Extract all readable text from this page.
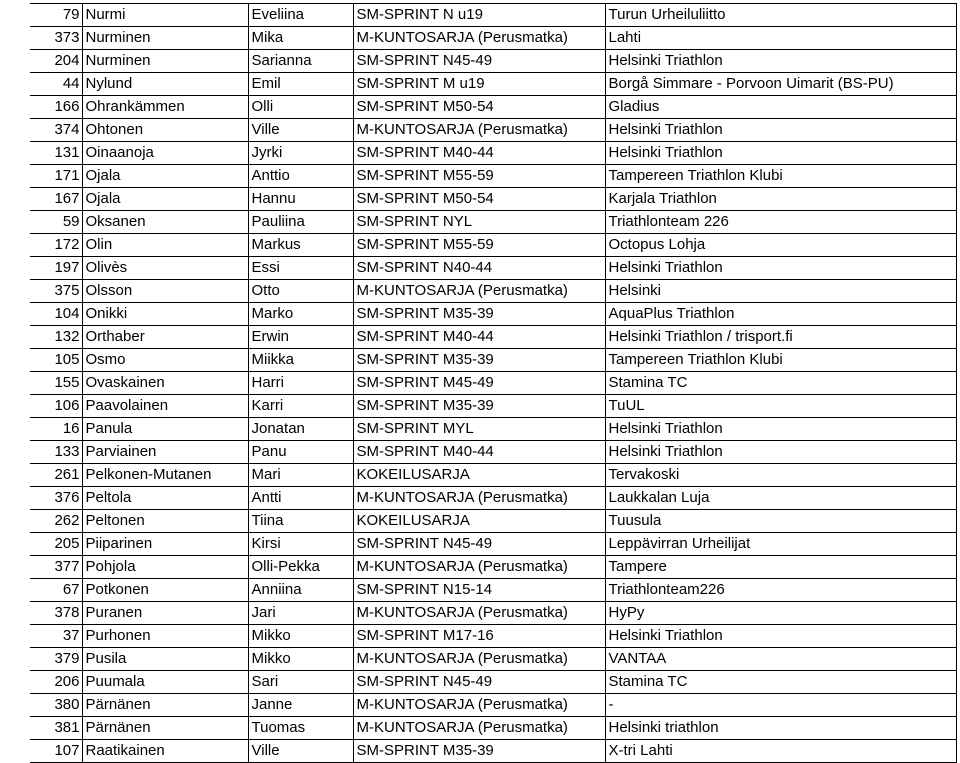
79	Nurmi	Eveliina	SM-SPRINT N u19	Turun Urheiluliitto
373	Nurminen	Mika	M-KUNTOSARJA (Perusmatka)	Lahti
204	Nurminen	Sarianna	SM-SPRINT N45-49	Helsinki Triathlon
44	Nylund	Emil	SM-SPRINT M u19	Borgå Simmare - Porvoon Uimarit (BS-PU)
166	Ohrankämmen	Olli	SM-SPRINT M50-54	Gladius
374	Ohtonen	Ville	M-KUNTOSARJA (Perusmatka)	Helsinki Triathlon
131	Oinaanoja	Jyrki	SM-SPRINT M40-44	Helsinki Triathlon
171	Ojala	Anttio	SM-SPRINT M55-59	Tampereen Triathlon Klubi
167	Ojala	Hannu	SM-SPRINT M50-54	Karjala Triathlon
59	Oksanen	Pauliina	SM-SPRINT NYL	Triathlonteam 226
172	Olin	Markus	SM-SPRINT M55-59	Octopus Lohja
197	Olivès	Essi	SM-SPRINT N40-44	Helsinki Triathlon
375	Olsson	Otto	M-KUNTOSARJA (Perusmatka)	Helsinki
104	Onikki	Marko	SM-SPRINT M35-39	AquaPlus Triathlon
132	Orthaber	Erwin	SM-SPRINT M40-44	Helsinki Triathlon / trisport.fi
105	Osmo	Miikka	SM-SPRINT M35-39	Tampereen Triathlon Klubi
155	Ovaskainen	Harri	SM-SPRINT M45-49	Stamina TC
106	Paavolainen	Karri	SM-SPRINT M35-39	TuUL
16	Panula	Jonatan	SM-SPRINT MYL	Helsinki Triathlon
133	Parviainen	Panu	SM-SPRINT M40-44	Helsinki Triathlon
261	Pelkonen-Mutanen	Mari	KOKEILUSARJA	Tervakoski
376	Peltola	Antti	M-KUNTOSARJA (Perusmatka)	Laukkalan Luja
262	Peltonen	Tiina	KOKEILUSARJA	Tuusula
205	Piiparinen	Kirsi	SM-SPRINT N45-49	Leppävirran Urheilijat
377	Pohjola	Olli-Pekka	M-KUNTOSARJA (Perusmatka)	Tampere
67	Potkonen	Anniina	SM-SPRINT N15-14	Triathlonteam226
378	Puranen	Jari	M-KUNTOSARJA (Perusmatka)	HyPy
37	Purhonen	Mikko	SM-SPRINT M17-16	Helsinki Triathlon
379	Pusila	Mikko	M-KUNTOSARJA (Perusmatka)	VANTAA
206	Puumala	Sari	SM-SPRINT N45-49	Stamina TC
380	Pärnänen	Janne	M-KUNTOSARJA (Perusmatka)	-
381	Pärnänen	Tuomas	M-KUNTOSARJA (Perusmatka)	Helsinki triathlon
107	Raatikainen	Ville	SM-SPRINT M35-39	X-tri Lahti
